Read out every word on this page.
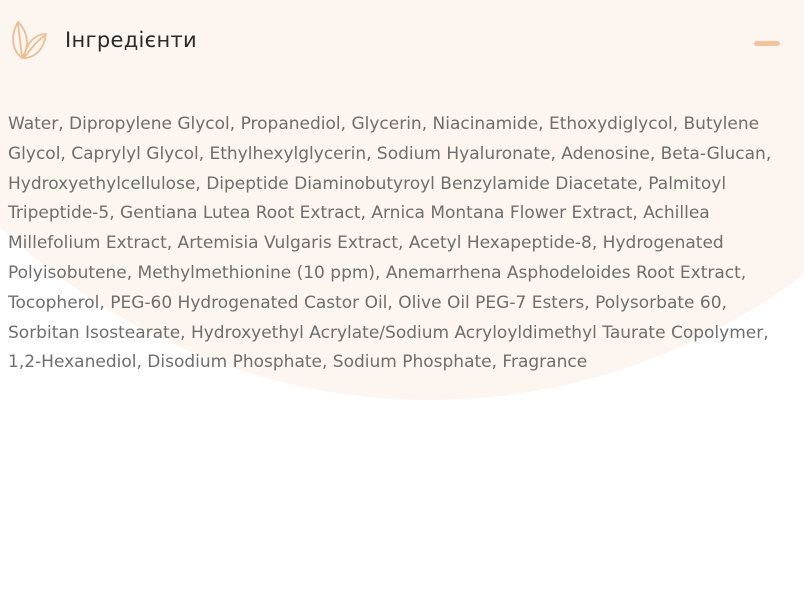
Інгредієнти

Water, Dipropylene Glycol, Propanediol, Glycerin, Niacinamide, Ethoxydiglycol, Butylene Glycol, Caprylyl Glycol, Ethylhexylglycerin, Sodium Hyaluronate, Adenosine, Beta-Glucan, Hydroxyethylcellulose, Dipeptide Diaminobutyroyl Benzylamide Diacetate, Palmitoyl Tripeptide-5, Gentiana Lutea Root Extract, Arnica Montana Flower Extract, Achillea Millefolium Extract, Artemisia Vulgaris Extract, Acetyl Hexapeptide-8, Hydrogenated Polyisobutene, Methylmethionine (10 ppm), Anemarrhena Asphodeloides Root Extract, Tocopherol, PEG-60 Hydrogenated Castor Oil, Olive Oil PEG-7 Esters, Polysorbate 60, Sorbitan Isostearate, Hydroxyethyl Acrylate/Sodium Acryloyldimethyl Taurate Copolymer, 1,2-Hexanediol, Disodium Phosphate, Sodium Phosphate, Fragrance
